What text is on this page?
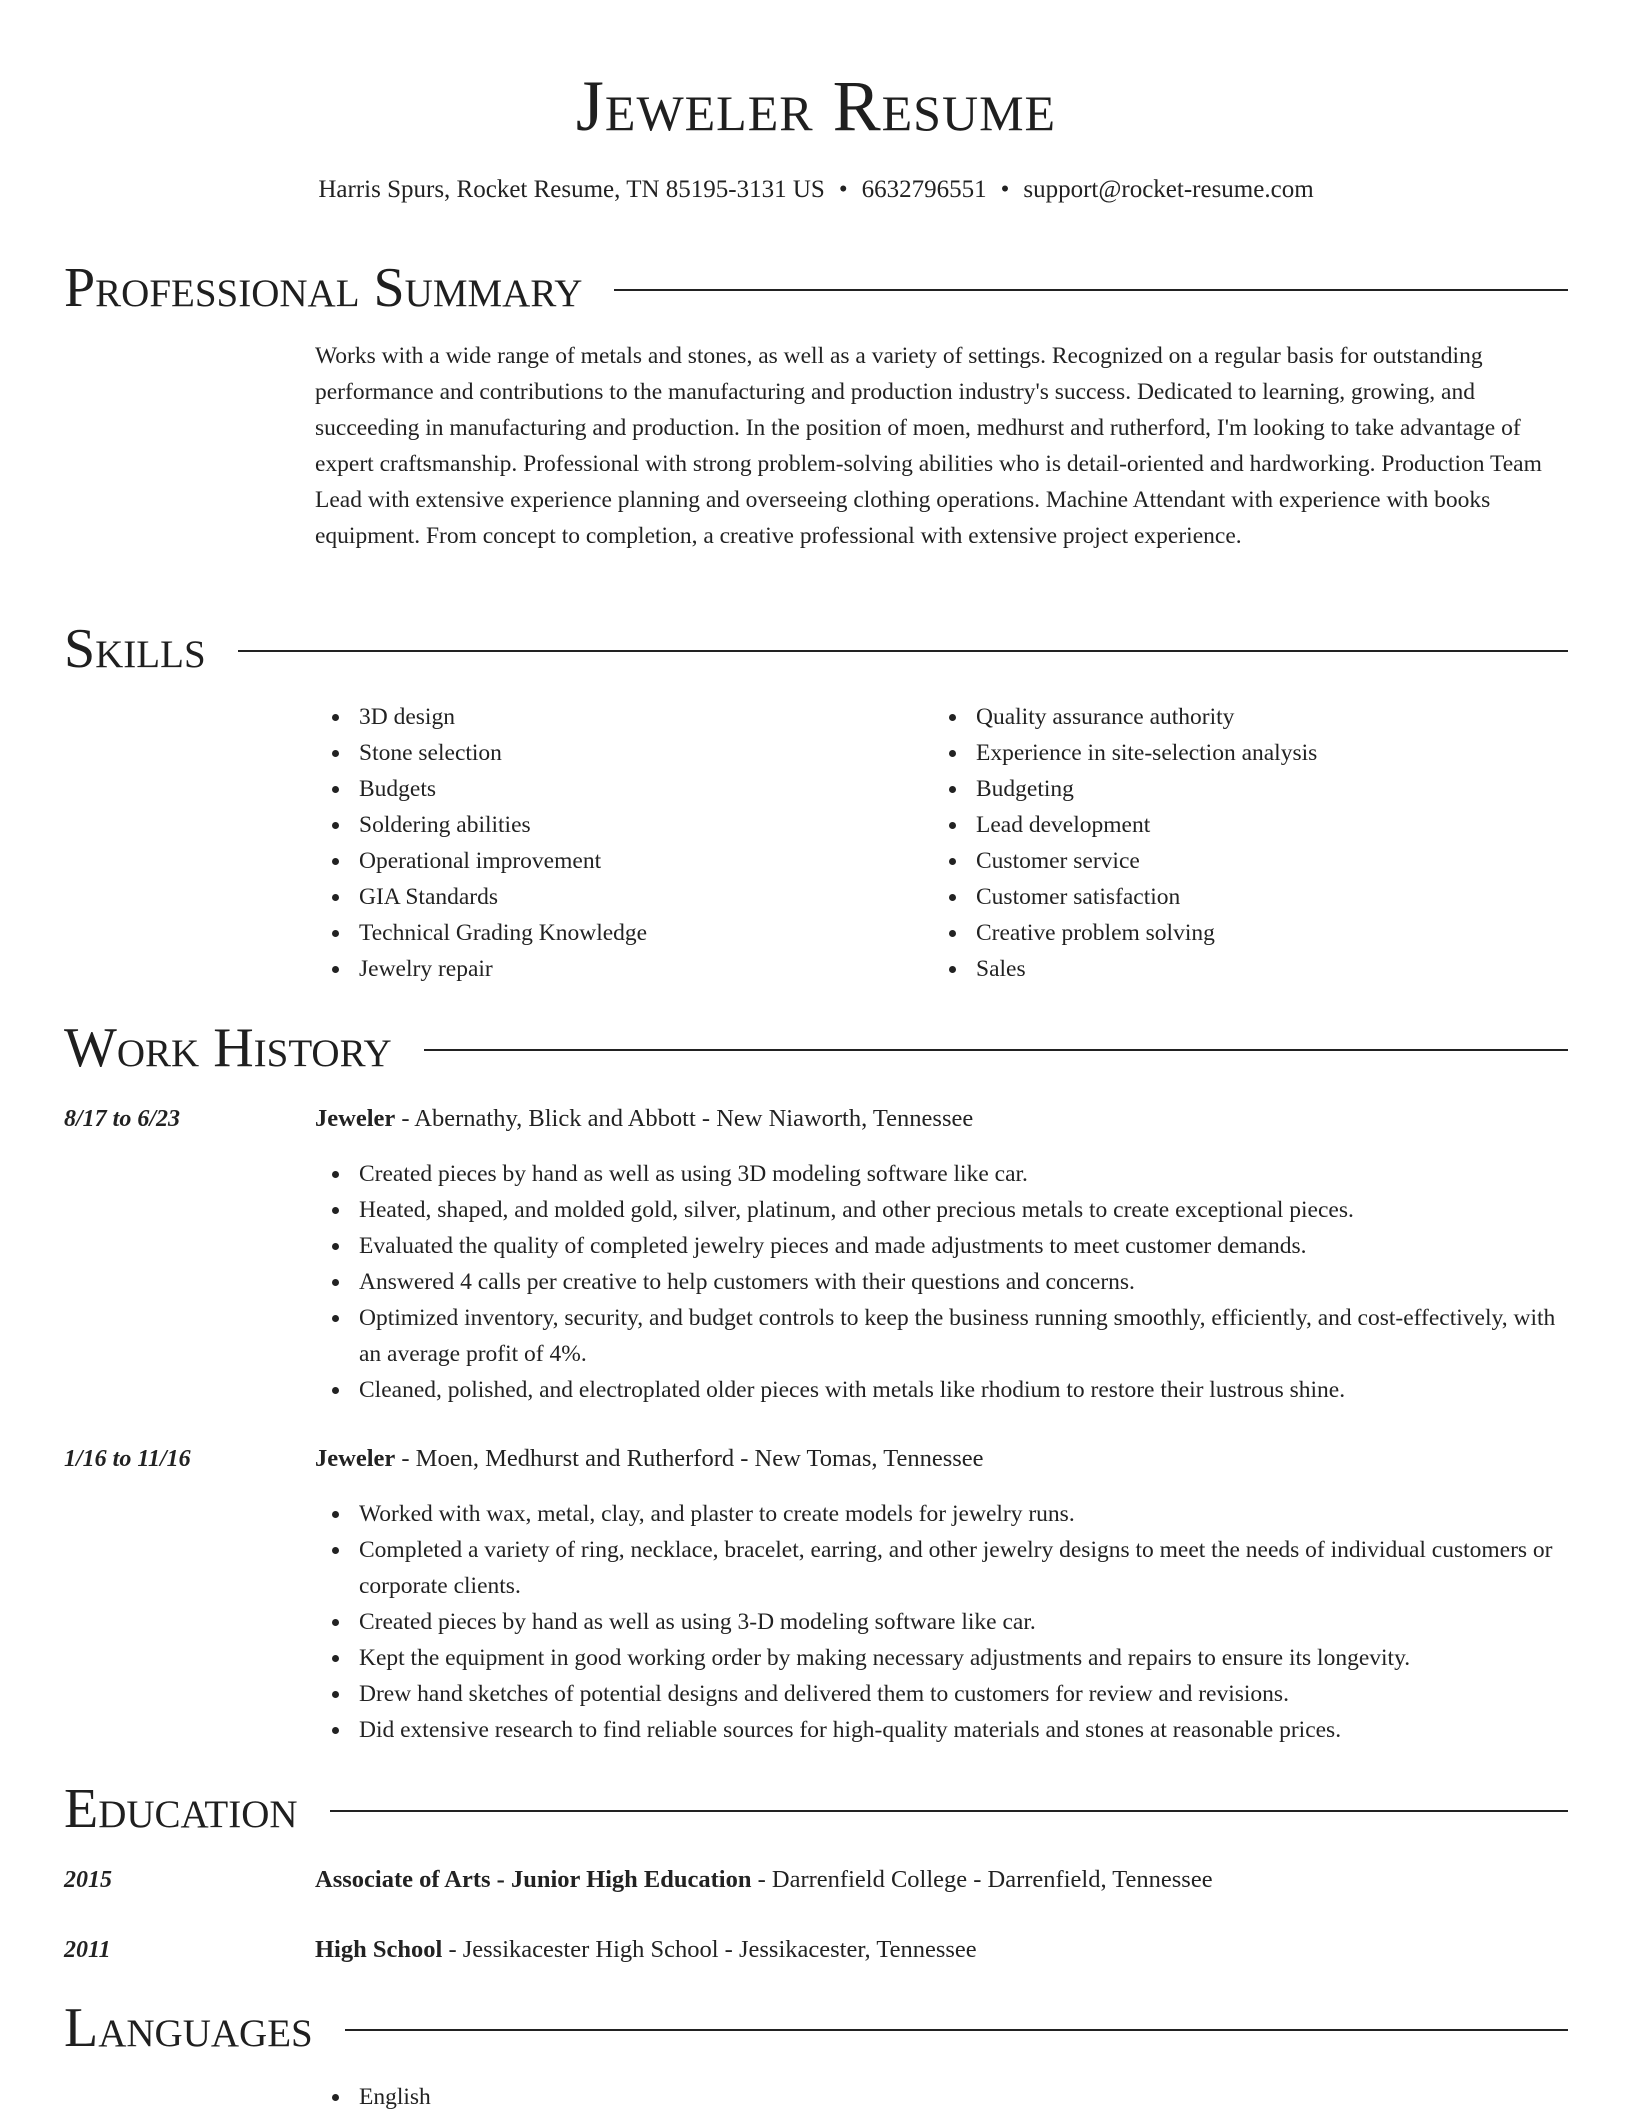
Jeweler Resume
Harris Spurs, Rocket Resume, TN 85195-3131 US • 6632796551 • support@rocket-resume.com
Professional Summary

Works with a wide range of metals and stones, as well as a variety of settings. Recognized on a regular basis for outstanding performance and contributions to the manufacturing and production industry's success. Dedicated to learning, growing, and succeeding in manufacturing and production. In the position of moen, medhurst and rutherford, I'm looking to take advantage of expert craftsmanship. Professional with strong problem-solving abilities who is detail-oriented and hardworking. Production Team Lead with extensive experience planning and overseeing clothing operations. Machine Attendant with experience with books equipment. From concept to completion, a creative professional with extensive project experience.

Skills
3D design
Stone selection
Budgets
Soldering abilities
Operational improvement
GIA Standards
Technical Grading Knowledge
Jewelry repair
Quality assurance authority
Experience in site-selection analysis
Budgeting
Lead development
Customer service
Customer satisfaction
Creative problem solving
Sales
Work History
8/17 to 6/23	Jeweler - Abernathy, Blick and Abbott - New Niaworth, Tennessee
Created pieces by hand as well as using 3D modeling software like car.
Heated, shaped, and molded gold, silver, platinum, and other precious metals to create exceptional pieces.
Evaluated the quality of completed jewelry pieces and made adjustments to meet customer demands.
Answered 4 calls per creative to help customers with their questions and concerns.
Optimized inventory, security, and budget controls to keep the business running smoothly, efficiently, and cost-effectively, with an average profit of 4%.
Cleaned, polished, and electroplated older pieces with metals like rhodium to restore their lustrous shine.
1/16 to 11/16	Jeweler - Moen, Medhurst and Rutherford - New Tomas, Tennessee
Worked with wax, metal, clay, and plaster to create models for jewelry runs.
Completed a variety of ring, necklace, bracelet, earring, and other jewelry designs to meet the needs of individual customers or corporate clients.
Created pieces by hand as well as using 3-D modeling software like car.
Kept the equipment in good working order by making necessary adjustments and repairs to ensure its longevity.
Drew hand sketches of potential designs and delivered them to customers for review and revisions.
Did extensive research to find reliable sources for high-quality materials and stones at reasonable prices.
Education
2015	Associate of Arts - Junior High Education - Darrenfield College - Darrenfield, Tennessee
2011	High School - Jessikacester High School - Jessikacester, Tennessee
Languages
English
